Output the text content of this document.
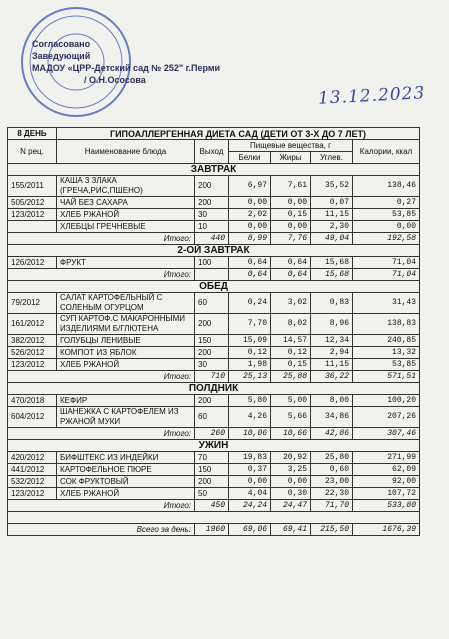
Согласовано
Заведующий
МАДОУ «ЦРР-Детский сад № 252" г.Перми
/ О.Н.Ососова
13.12.2023
8 ДЕНЬ	ГИПОАЛЛЕРГЕННАЯ ДИЕТА САД (ДЕТИ ОТ 3-Х ДО 7 ЛЕТ)					
N рец.	Наименование блюда	Выход	Пищевые вещества, г			Калории, ккал
			Белки	Жиры	Углев.	
ЗАВТРАК						
155/2011	КАША 3 ЗЛАКА (ГРЕЧА,РИС,ПШЕНО)	200	6,97	7,61	35,52	138,46
505/2012	ЧАЙ БЕЗ САХАРА	200	0,00	0,00	0,07	0,27
123/2012	ХЛЕБ РЖАНОЙ	30	2,02	0,15	11,15	53,85
	ХЛЕБЦЫ ГРЕЧНЕВЫЕ	10	0,00	0,00	2,30	0,00
Итого:		440	8,99	7,76	49,04	192,58
2-ОЙ ЗАВТРАК						
126/2012	ФРУКТ	100	0,64	0,64	15,68	71,04
Итого:			0,64	0,64	15,68	71,04
ОБЕД						
79/2012	САЛАТ КАРТОФЕЛЬНЫЙ С СОЛЕНЫМ ОГУРЦОМ	60	0,24	3,02	0,83	31,43
161/2012	СУП КАРТОФ.С МАКАРОННЫМИ ИЗДЕЛИЯМИ Б/ГЛЮТЕНА	200	7,70	8,02	8,96	138,83
382/2012	ГОЛУБЦЫ ЛЕНИВЫЕ	150	15,09	14,57	12,34	240,85
526/2012	КОМПОТ ИЗ ЯБЛОК	200	0,12	0,12	2,94	13,32
123/2012	ХЛЕБ РЖАНОЙ	30	1,98	0,15	11,15	53,85
Итого:		710	25,13	25,88	36,22	571,51
ПОЛДНИК						
470/2018	КЕФИР	200	5,80	5,00	8,00	100,20
604/2012	ШАНЕЖКА С КАРТОФЕЛЕМ ИЗ РЖАНОЙ МУКИ	60	4,26	5,66	34,86	207,26
Итого:		260	10,06	10,66	42,86	307,46
УЖИН						
420/2012	БИФШТЕКС ИЗ ИНДЕЙКИ	70	19,83	20,92	25,80	271,99
441/2012	КАРТОФЕЛЬНОЕ ПЮРЕ	150	0,37	3,25	0,60	62,09
532/2012	СОК ФРУКТОВЫЙ	200	0,00	0,00	23,00	92,00
123/2012	ХЛЕБ РЖАНОЙ	50	4,04	0,30	22,30	107,72
Итого:		450	24,24	24,47	71,70	533,80

Всего за день:		1960	69,06	69,41	215,50	1676,39
